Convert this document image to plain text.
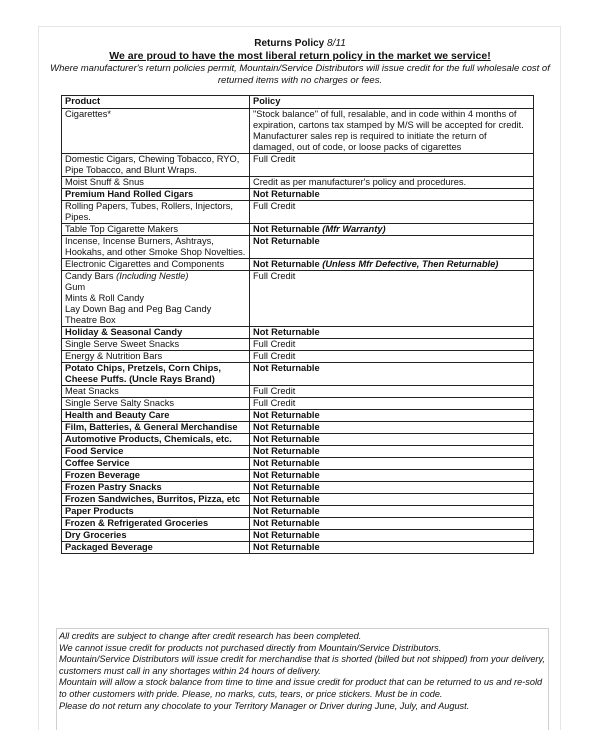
Returns Policy 8/11
We are proud to have the most liberal return policy in the market we service!
Where manufacturer's return policies permit, Mountain/Service Distributors will issue credit for the full wholesale cost of returned items with no charges or fees.
Product	Policy
Cigarettes*	"Stock balance" of full, resalable, and in code within 4 months of expiration, cartons tax stamped by M/S will be accepted for credit.
Manufacturer sales rep is required to initiate the return of damaged, out of code, or loose packs of cigarettes
Domestic Cigars, Chewing Tobacco, RYO, Pipe Tobacco, and Blunt Wraps.	Full Credit
Moist Snuff & Snus	Credit as per manufacturer's policy and procedures.
Premium Hand Rolled Cigars	Not Returnable
Rolling Papers, Tubes, Rollers, Injectors, Pipes.	Full Credit
Table Top Cigarette Makers	Not Returnable (Mfr Warranty)
Incense, Incense Burners, Ashtrays, Hookahs, and other Smoke Shop Novelties.	Not Returnable
Electronic Cigarettes and Components	Not Returnable (Unless Mfr Defective, Then Returnable)
Candy Bars (Including Nestle)
Gum
Mints & Roll Candy
Lay Down Bag and Peg Bag Candy
Theatre Box	Full Credit
Holiday & Seasonal Candy	Not Returnable
Single Serve Sweet Snacks	Full Credit
Energy & Nutrition Bars	Full Credit
Potato Chips, Pretzels, Corn Chips, Cheese Puffs. (Uncle Rays Brand)	Not Returnable
Meat Snacks	Full Credit
Single Serve Salty Snacks	Full Credit
Health and Beauty Care	Not Returnable
Film, Batteries, & General Merchandise	Not Returnable
Automotive Products, Chemicals, etc.	Not Returnable
Food Service	Not Returnable
Coffee Service	Not Returnable
Frozen Beverage	Not Returnable
Frozen Pastry Snacks	Not Returnable
Frozen Sandwiches, Burritos, Pizza, etc	Not Returnable
Paper Products	Not Returnable
Frozen & Refrigerated Groceries	Not Returnable
Dry Groceries	Not Returnable
Packaged Beverage	Not Returnable

All credits are subject to change after credit research has been completed.

We cannot issue credit for products not purchased directly from Mountain/Service Distributors.

Mountain/Service Distributors will issue credit for merchandise that is shorted (billed but not shipped) from your delivery, customers must call in any shortages within 24 hours of delivery.

Mountain will allow a stock balance from time to time and issue credit for product that can be returned to us and re-sold to other customers with pride. Please, no marks, cuts, tears, or price stickers. Must be in code.

Please do not return any chocolate to your Territory Manager or Driver during June, July, and August.
